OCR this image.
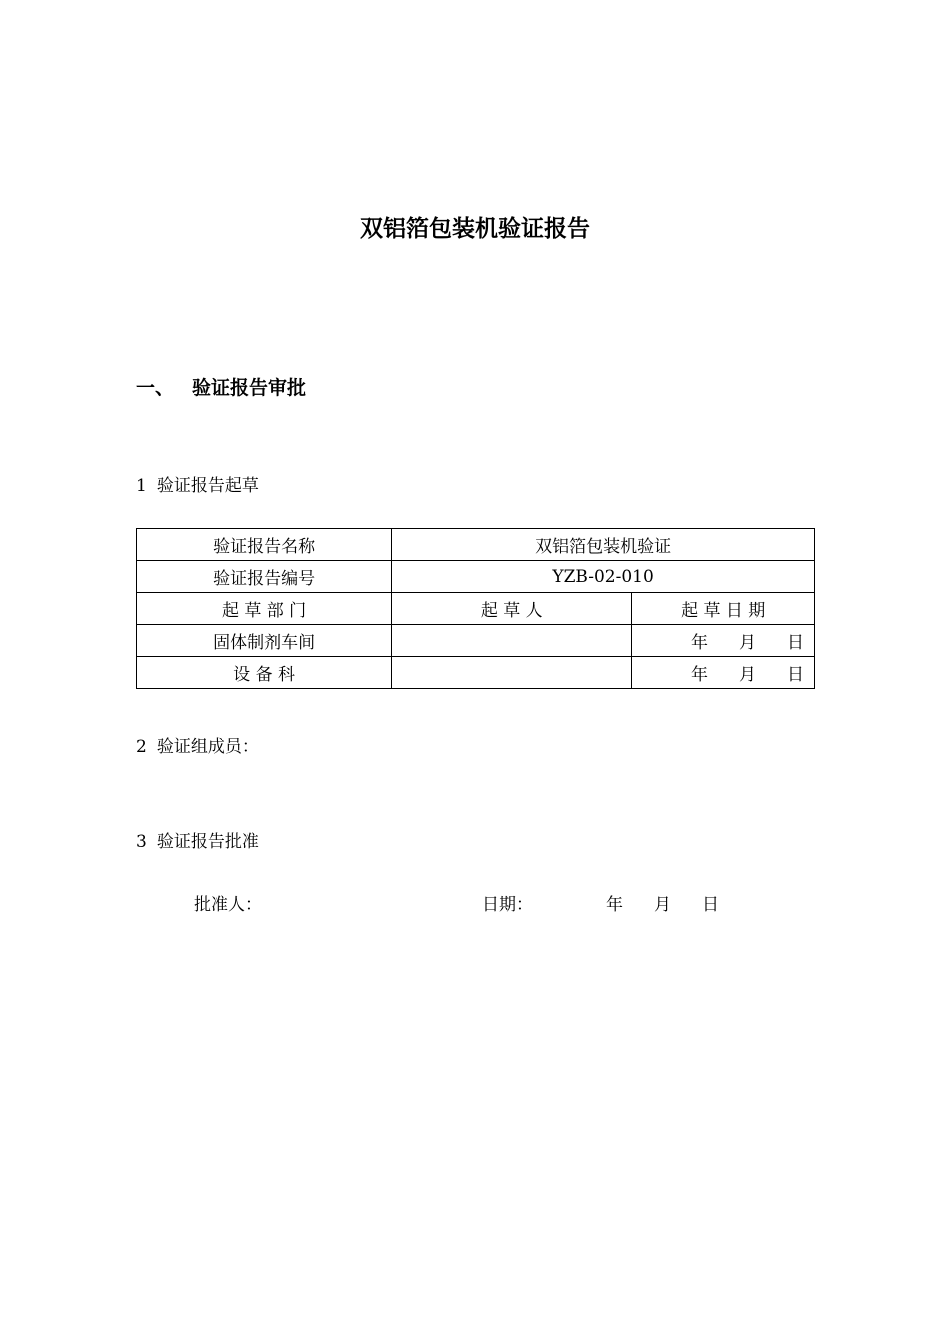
双铝箔包装机验证报告
一、 验证报告审批
1 验证报告起草
验证报告名称	双铝箔包装机验证	
验证报告编号	YZB-02-010	
起 草 部 门	起 草 人	起 草 日 期
固体制剂车间		年 月 日
设 备 科		年 月 日
2 验证组成员：
3 验证报告批准
批准人：	日期：	年 月 日
